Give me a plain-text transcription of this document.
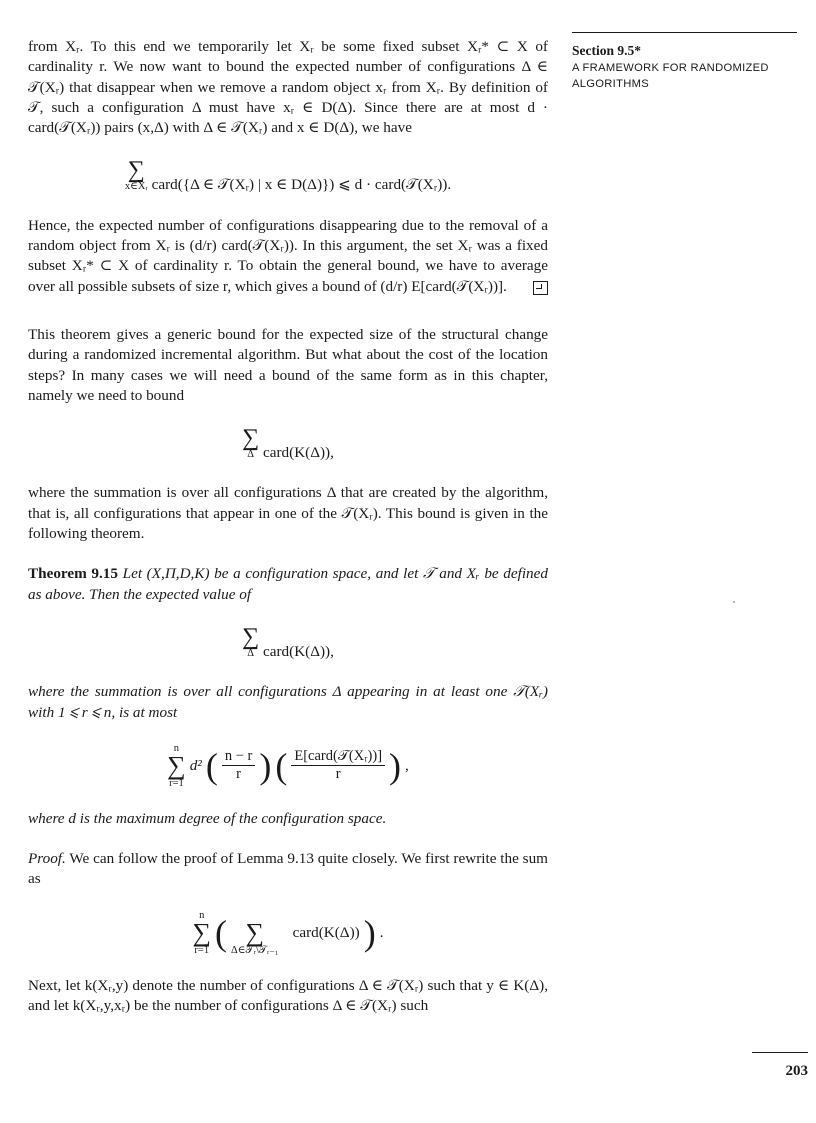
from Xᵣ. To this end we temporarily let Xᵣ be some fixed subset Xᵣ* ⊂ X of cardinality r. We now want to bound the expected number of configurations Δ ∈ 𝒯(Xᵣ) that disappear when we remove a random object xᵣ from Xᵣ. By definition of 𝒯, such a configuration Δ must have xᵣ ∈ D(Δ). Since there are at most d · card(𝒯(Xᵣ)) pairs (x,Δ) with Δ ∈ 𝒯(Xᵣ) and x ∈ D(Δ), we have

∑
x∈Xᵣ card({Δ ∈ 𝒯(Xᵣ) | x ∈ D(Δ)}) ⩽ d · card(𝒯(Xᵣ)).

Hence, the expected number of configurations disappearing due to the removal of a random object from Xᵣ is (d/r) card(𝒯(Xᵣ)). In this argument, the set Xᵣ was a fixed subset Xᵣ* ⊂ X of cardinality r. To obtain the general bound, we have to average over all possible subsets of size r, which gives a bound of (d/r) E[card(𝒯(Xᵣ))].

This theorem gives a generic bound for the expected size of the structural change during a randomized incremental algorithm. But what about the cost of the location steps? In many cases we will need a bound of the same form as in this chapter, namely we need to bound

∑
Δ card(K(Δ)),

where the summation is over all configurations Δ that are created by the algorithm, that is, all configurations that appear in one of the 𝒯(Xᵣ). This bound is given in the following theorem.

Theorem 9.15 Let (X,Π,D,K) be a configuration space, and let 𝒯 and Xᵣ be defined as above. Then the expected value of

∑
Δ card(K(Δ)),

where the summation is over all configurations Δ appearing in at least one 𝒯(Xᵣ) with 1 ⩽ r ⩽ n, is at most

n
∑
r=1
d² ( $\frac{n - r}{r}$ ) ( $\frac{\text{E[card(𝒯(Xᵣ))]}}{r}$ ) ,

where d is the maximum degree of the configuration space.

Proof. We can follow the proof of Lemma 9.13 quite closely. We first rewrite the sum as

n
∑
r=1 (
∑
Δ∈𝒯ᵣ\𝒯ᵣ₋₁
card(K(Δ)) ) .

Next, let k(Xᵣ,y) denote the number of configurations Δ ∈ 𝒯(Xᵣ) such that y ∈ K(Δ), and let k(Xᵣ,y,xᵣ) be the number of configurations Δ ∈ 𝒯(Xᵣ) such

Section 9.5*
A FRAMEWORK FOR RANDOMIZED
ALGORITHMS
203
